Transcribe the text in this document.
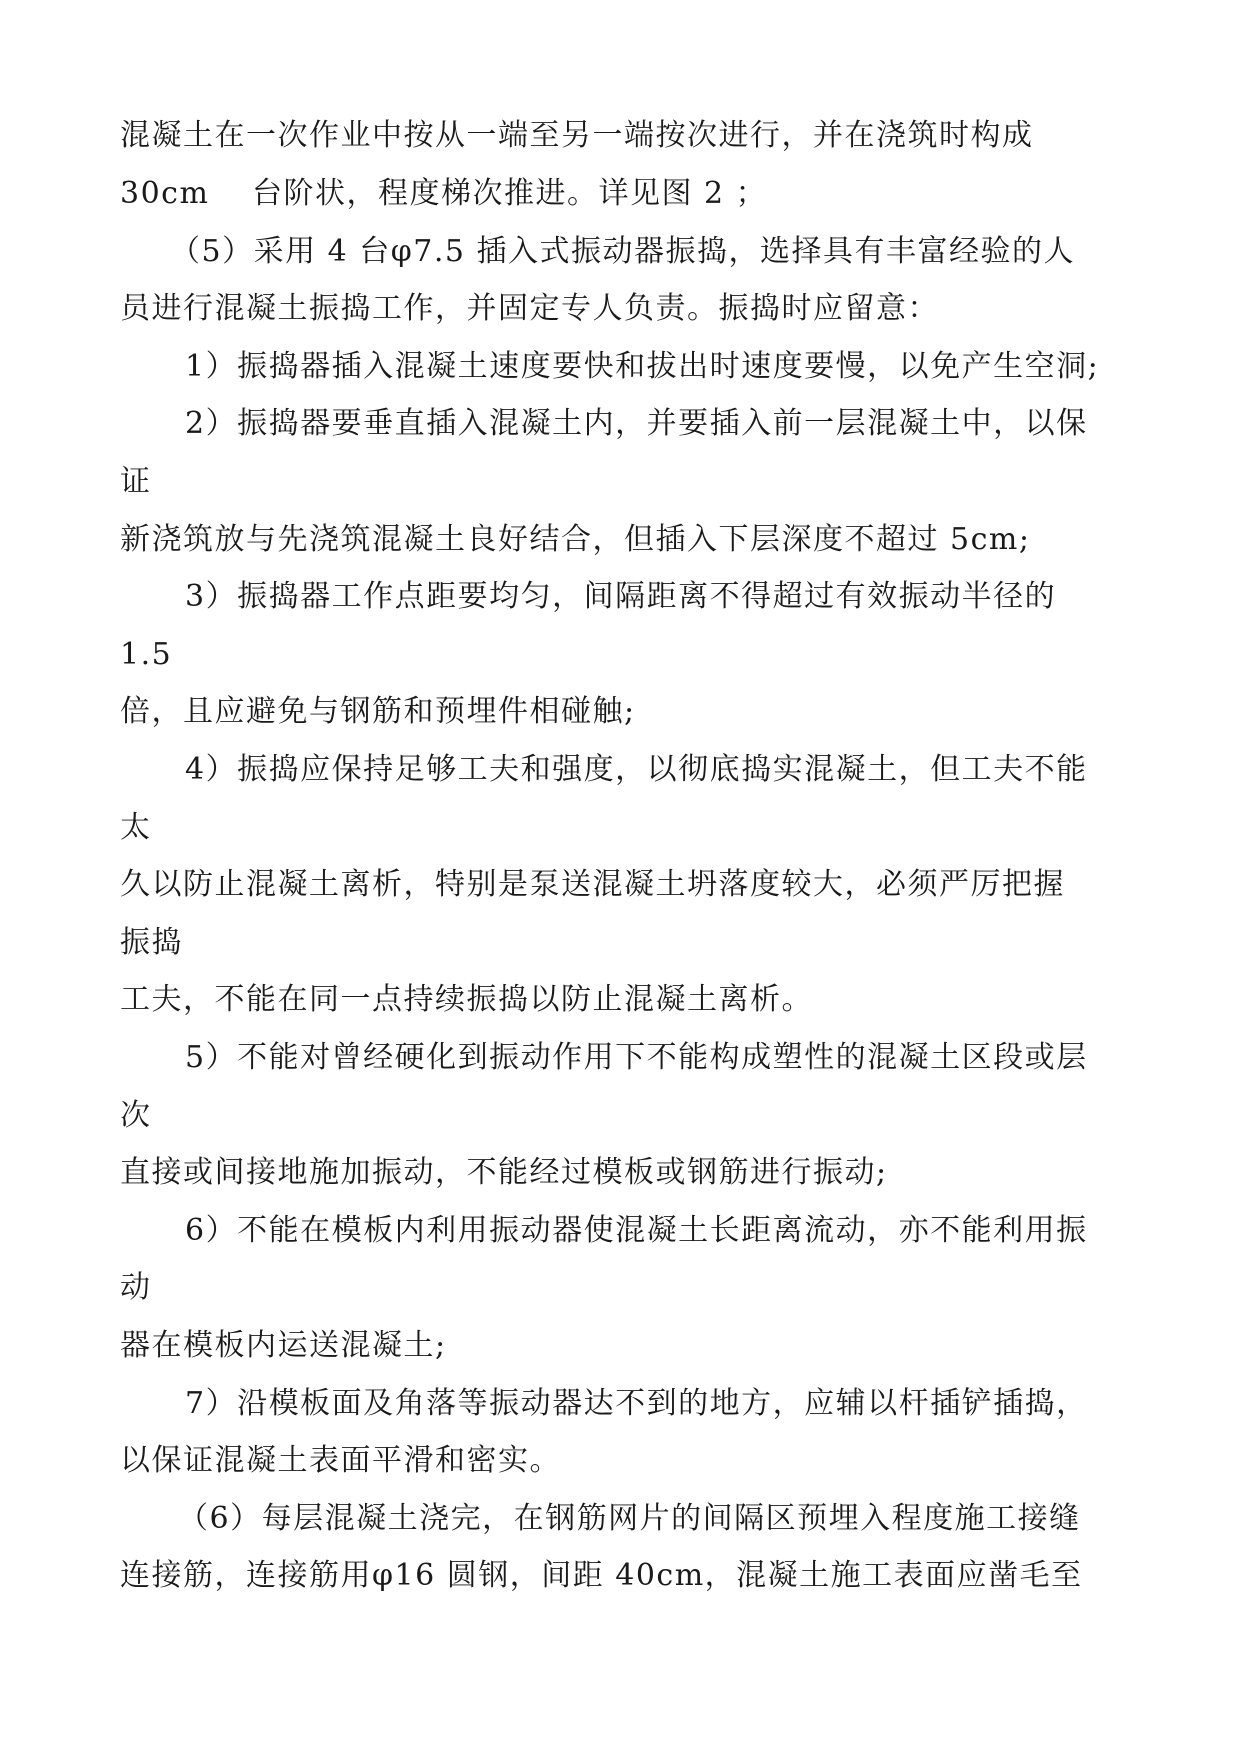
混凝土在一次作业中按从一端至另一端按次进行，并在浇筑时构成
30cm　 台阶状，程度梯次推进。详见图 2 ；
（5）采用 4 台φ7.5 插入式振动器振捣，选择具有丰富经验的人
员进行混凝土振捣工作，并固定专人负责。振捣时应留意：
1）振捣器插入混凝土速度要快和拔出时速度要慢，以免产生空洞;
2）振捣器要垂直插入混凝土内，并要插入前一层混凝土中，以保
证
新浇筑放与先浇筑混凝土良好结合，但插入下层深度不超过 5cm;
3）振捣器工作点距要均匀，间隔距离不得超过有效振动半径的
1.5
倍，且应避免与钢筋和预埋件相碰触;
4）振捣应保持足够工夫和强度，以彻底捣实混凝土，但工夫不能
太
久以防止混凝土离析，特别是泵送混凝土坍落度较大，必须严厉把握
振捣
工夫，不能在同一点持续振捣以防止混凝土离析。
5）不能对曾经硬化到振动作用下不能构成塑性的混凝土区段或层
次
直接或间接地施加振动，不能经过模板或钢筋进行振动;
6）不能在模板内利用振动器使混凝土长距离流动，亦不能利用振
动
器在模板内运送混凝土;
7）沿模板面及角落等振动器达不到的地方，应辅以杆插铲插捣，
以保证混凝土表面平滑和密实。
（6）每层混凝土浇完，在钢筋网片的间隔区预埋入程度施工接缝
连接筋，连接筋用φ16 圆钢，间距 40cm，混凝土施工表面应凿毛至
